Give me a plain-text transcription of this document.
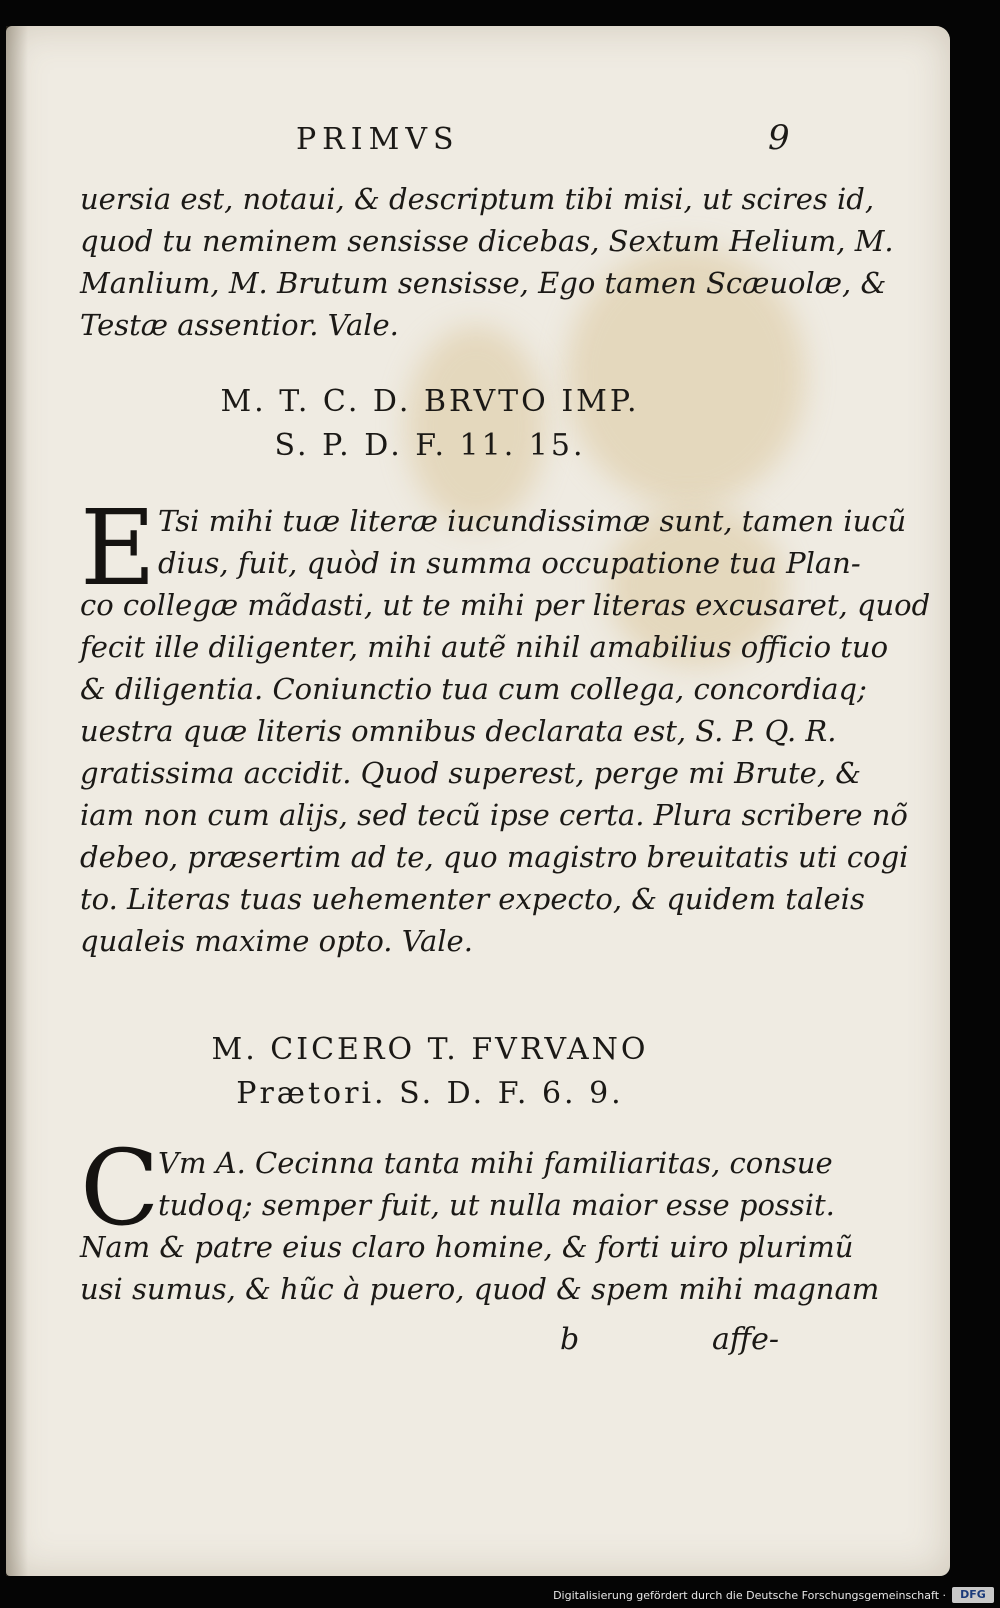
PRIMVS	9
uersia est, notaui, & descriptum tibi misi, ut scires id,
quod tu neminem sensisse dicebas, Sextum Helium, M.
Manlium, M. Brutum sensisse, Ego tamen Scæuolæ, &
Testæ assentior. Vale.
M. T. C. D. BRVTO IMP.
S. P. D. F. 11. 15.
E Tsi mihi tuæ literæ iucundissimæ sunt, tamen iucũ
dius, fuit, quòd in summa occupatione tua Plan-
co collegæ mãdasti, ut te mihi per literas excusaret, quod
fecit ille diligenter, mihi autẽ nihil amabilius officio tuo
& diligentia. Coniunctio tua cum collega, concordiaq;
uestra quæ literis omnibus declarata est, S. P. Q. R.
gratissima accidit. Quod superest, perge mi Brute, &
iam non cum alijs, sed tecũ ipse certa. Plura scribere nõ
debeo, præsertim ad te, quo magistro breuitatis uti cogi
to. Literas tuas uehementer expecto, & quidem taleis
qualeis maxime opto. Vale.
M. CICERO T. FVRVANO
Prætori. S. D. F. 6. 9.
C
Vm A. Cecinna tanta mihi familiaritas, consue
tudoq; semper fuit, ut nulla maior esse possit.
Nam & patre eius claro homine, & forti uiro plurimũ
usi sumus, & hũc à puero, quod & spem mihi magnam
b	affe-
Digitalisierung gefördert durch die Deutsche Forschungsgemeinschaft ·	DFG
